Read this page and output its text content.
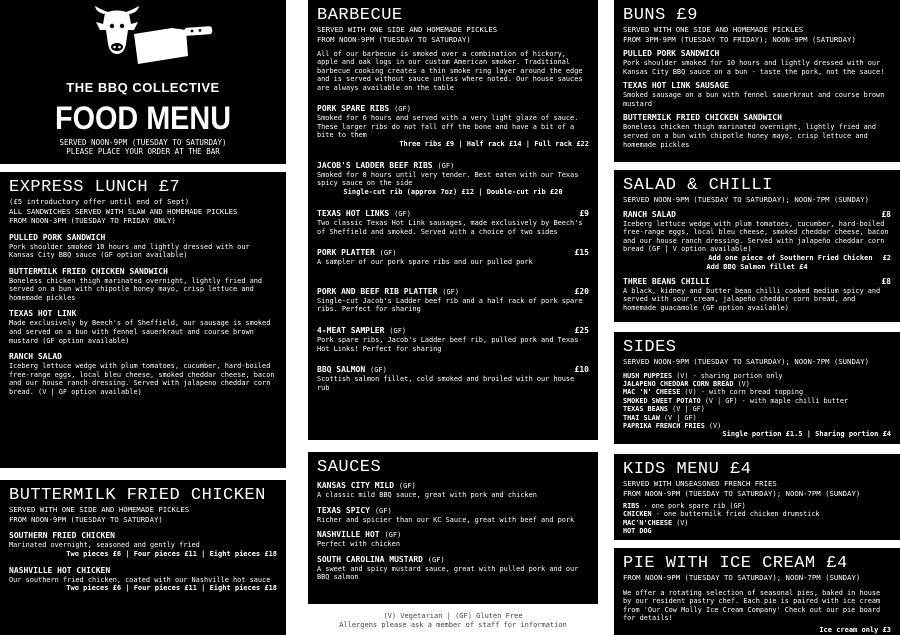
THE BBQ COLLECTIVE
FOOD MENU
SERVED NOON-9PM (TUESDAY TO SATURDAY)
PLEASE PLACE YOUR ORDER AT THE BAR
EXPRESS LUNCH £7
(£5 introductory offer until end of Sept)
ALL SANDWICHES SERVED WITH SLAW AND HOMEMADE PICKLES
FROM NOON-3PM (TUESDAY TO FRIDAY ONLY)
PULLED PORK SANDWICH
Pork shoulder smoked 10 hours and lightly dressed with our Kansas City BBQ sauce (GF option available)
BUTTERMILK FRIED CHICKEN SANDWICH
Boneless chicken thigh marinated overnight, lightly fried and served on a bun with chipotle honey mayo, crisp lettuce and homemade pickles
TEXAS HOT LINK
Made exclusively by Beech's of Sheffield, our sausage is smoked and served on a bun with fennel sauerkraut and course brown mustard (GF option available)
RANCH SALAD
Iceberg lettuce wedge with plum tomatoes, cucumber, hard-boiled free-range eggs, local bleu cheese, smoked cheddar cheese, bacon and our house ranch dressing. Served with jalapeno cheddar corn bread. (V | GF option available)
BUTTERMILK FRIED CHICKEN
SERVED WITH ONE SIDE AND HOMEMADE PICKLES
FROM NOON-9PM (TUESDAY TO SATURDAY)
SOUTHERN FRIED CHICKEN
Marinated overnight, seasoned and gently fried
Two pieces £6 | Four pieces £11 | Eight pieces £18
NASHVILLE HOT CHICKEN
Our southern fried chicken, coated with our Nashville hot sauce
Two pieces £6 | Four pieces £11 | Eight pieces £18
BARBECUE
SERVED WITH ONE SIDE AND HOMEMADE PICKLES
FROM NOON-9PM (TUESDAY TO SATURDAY)
All of our barbecue is smoked over a combination of hickory, apple and oak logs in our custom American smoker. Traditional barbecue cooking creates a thin smoke ring layer around the edge and is served without sauce unless where noted. Our house sauces are always available on the table
PORK SPARE RIBS (GF)
Smoked for 6 hours and served with a very light glaze of sauce. These larger ribs do not fall off the bone and have a bit of a bite to them
Three ribs £9 | Half rack £14 | Full rack £22
JACOB'S LADDER BEEF RIBS (GF)
Smoked for 8 hours until very tender. Best eaten with our Texas spicy sauce on the side
Single-cut rib (approx 7oz) £12 | Double-cut rib £20
TEXAS HOT LINKS (GF)	£9
Two classic Texas Hot Link sausages, made exclusively by Beech's of Sheffield and smoked. Served with a choice of two sides
PORK PLATTER (GF)	£15
A sampler of our pork spare ribs and our pulled pork
PORK AND BEEF RIB PLATTER (GF)	£20
Single-cut Jacob's Ladder beef rib and a half rack of pork spare ribs. Perfect for sharing
4-MEAT SAMPLER (GF)	£25
Pork spare ribs, Jacob's Ladder beef rib, pulled pork and Texas Hot Links! Perfect for sharing
BBQ SALMON (GF)	£10
Scottish salmon fillet, cold smoked and broiled with our house rub
SAUCES
KANSAS CITY MILD (GF)
A classic mild BBQ sauce, great with pork and chicken
TEXAS SPICY (GF)
Richer and spicier than our KC Sauce, great with beef and pork
NASHVILLE HOT (GF)
Perfect with chicken
SOUTH CAROLINA MUSTARD (GF)
A sweet and spicy mustard sauce, great with pulled pork and our BBQ salmon
(V) Vegetarian | (GF) Gluten Free
Allergens please ask a member of staff for information
BUNS £9
SERVED WITH ONE SIDE AND HOMEMADE PICKLES
FROM 3PM-9PM (TUESDAY TO FRIDAY); NOON-9PM (SATURDAY)
PULLED PORK SANDWICH
Pork shoulder smoked for 10 hours and lightly dressed with our Kansas City BBQ sauce on a bun - taste the pork, not the sauce!
TEXAS HOT LINK SAUSAGE
Smoked sausage on a bun with fennel sauerkraut and course brown mustard
BUTTERMILK FRIED CHICKEN SANDWICH
Boneless chicken thigh marinated overnight, lightly fried and served on a bun with chipotle honey mayo, crisp lettuce and homemade pickles
SALAD & CHILLI
SERVED NOON-9PM (TUESDAY TO SATURDAY); NOON-7PM (SUNDAY)
RANCH SALAD	£8
Iceberg lettuce wedge with plum tomatoes, cucumber, hard-boiled free-range eggs, local bleu cheese, smoked cheddar cheese, bacon and our house ranch dressing. Served with jalapeño cheddar corn bread (GF | V option available)
Add one piece of Southern Fried Chicken £2
Add BBQ Salmon fillet £4
THREE BEANS CHILLI	£8
A black, kidney and butter bean chilli cooked medium spicy and served with sour cream, jalapeño cheddar corn bread, and homemade guacamole (GF option available)
SIDES
SERVED NOON-9PM (TUESDAY TO SATURDAY); NOON-7PM (SUNDAY)
HUSH PUPPIES (V) - sharing portion only
JALAPENO CHEDDAR CORN BREAD (V)
MAC 'N' CHEESE (V) - with corn bread topping
SMOKED SWEET POTATO (V | GF) - with maple chilli butter
TEXAS BEANS (V | GF)
THAI SLAW (V | GF)
PAPRIKA FRENCH FRIES (V)
Single portion £1.5 | Sharing portion £4
KIDS MENU £4
SERVED WITH UNSEASONED FRENCH FRIES
FROM NOON-9PM (TUESDAY TO SATURDAY); NOON-7PM (SUNDAY)
RIBS - one pork spare rib (GF)
CHICKEN - one buttermilk fried chicken drumstick
MAC'N'CHEESE (V)
HOT DOG
PIE WITH ICE CREAM £4
FROM NOON-9PM (TUESDAY TO SATURDAY); NOON-7PM (SUNDAY)
We offer a rotating selection of seasonal pies, baked in house by our resident pastry chef. Each pie is paired with ice cream from 'Our Cow Molly Ice Cream Company' Check out our pie board for details!
Ice cream only £3
